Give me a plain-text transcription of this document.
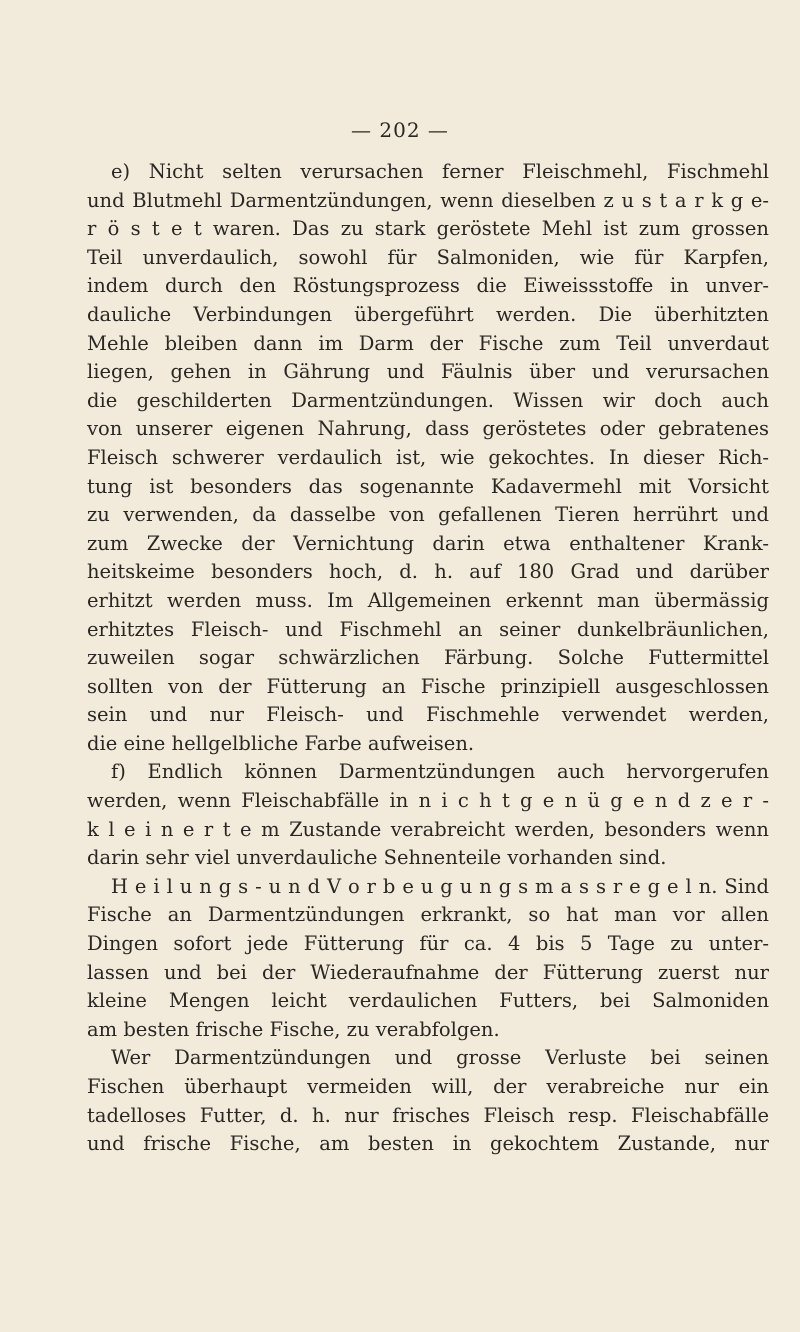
— 202 —
e) Nicht selten verursachen ferner Fleischmehl, Fischmehl
und Blutmehl Darmentzündungen, wenn dieselben z u s t a r k g e-
r ö s t e t waren. Das zu stark geröstete Mehl ist zum grossen
Teil unverdaulich, sowohl für Salmoniden, wie für Karpfen,
indem durch den Röstungsprozess die Eiweissstoffe in unver-
dauliche Verbindungen übergeführt werden. Die überhitzten
Mehle bleiben dann im Darm der Fische zum Teil unverdaut
liegen, gehen in Gährung und Fäulnis über und verursachen
die geschilderten Darmentzündungen. Wissen wir doch auch
von unserer eigenen Nahrung, dass geröstetes oder gebratenes
Fleisch schwerer verdaulich ist, wie gekochtes. In dieser Rich-
tung ist besonders das sogenannte Kadavermehl mit Vorsicht
zu verwenden, da dasselbe von gefallenen Tieren herrührt und
zum Zwecke der Vernichtung darin etwa enthaltener Krank-
heitskeime besonders hoch, d. h. auf 180 Grad und darüber
erhitzt werden muss. Im Allgemeinen erkennt man übermässig
erhitztes Fleisch- und Fischmehl an seiner dunkelbräunlichen,
zuweilen sogar schwärzlichen Färbung. Solche Futtermittel
sollten von der Fütterung an Fische prinzipiell ausgeschlossen
sein und nur Fleisch- und Fischmehle verwendet werden,
die eine hellgelbliche Farbe aufweisen.
f) Endlich können Darmentzündungen auch hervorgerufen
werden, wenn Fleischabfälle in n i c h t g e n ü g e n d z e r -
k l e i n e r t e m Zustande verabreicht werden, besonders wenn
darin sehr viel unverdauliche Sehnenteile vorhanden sind.
H e i l u n g s - u n d V o r b e u g u n g s m a s s r e g e l n. Sind
Fische an Darmentzündungen erkrankt, so hat man vor allen
Dingen sofort jede Fütterung für ca. 4 bis 5 Tage zu unter-
lassen und bei der Wiederaufnahme der Fütterung zuerst nur
kleine Mengen leicht verdaulichen Futters, bei Salmoniden
am besten frische Fische, zu verabfolgen.
Wer Darmentzündungen und grosse Verluste bei seinen
Fischen überhaupt vermeiden will, der verabreiche nur ein
tadelloses Futter, d. h. nur frisches Fleisch resp. Fleischabfälle
und frische Fische, am besten in gekochtem Zustande, nur
